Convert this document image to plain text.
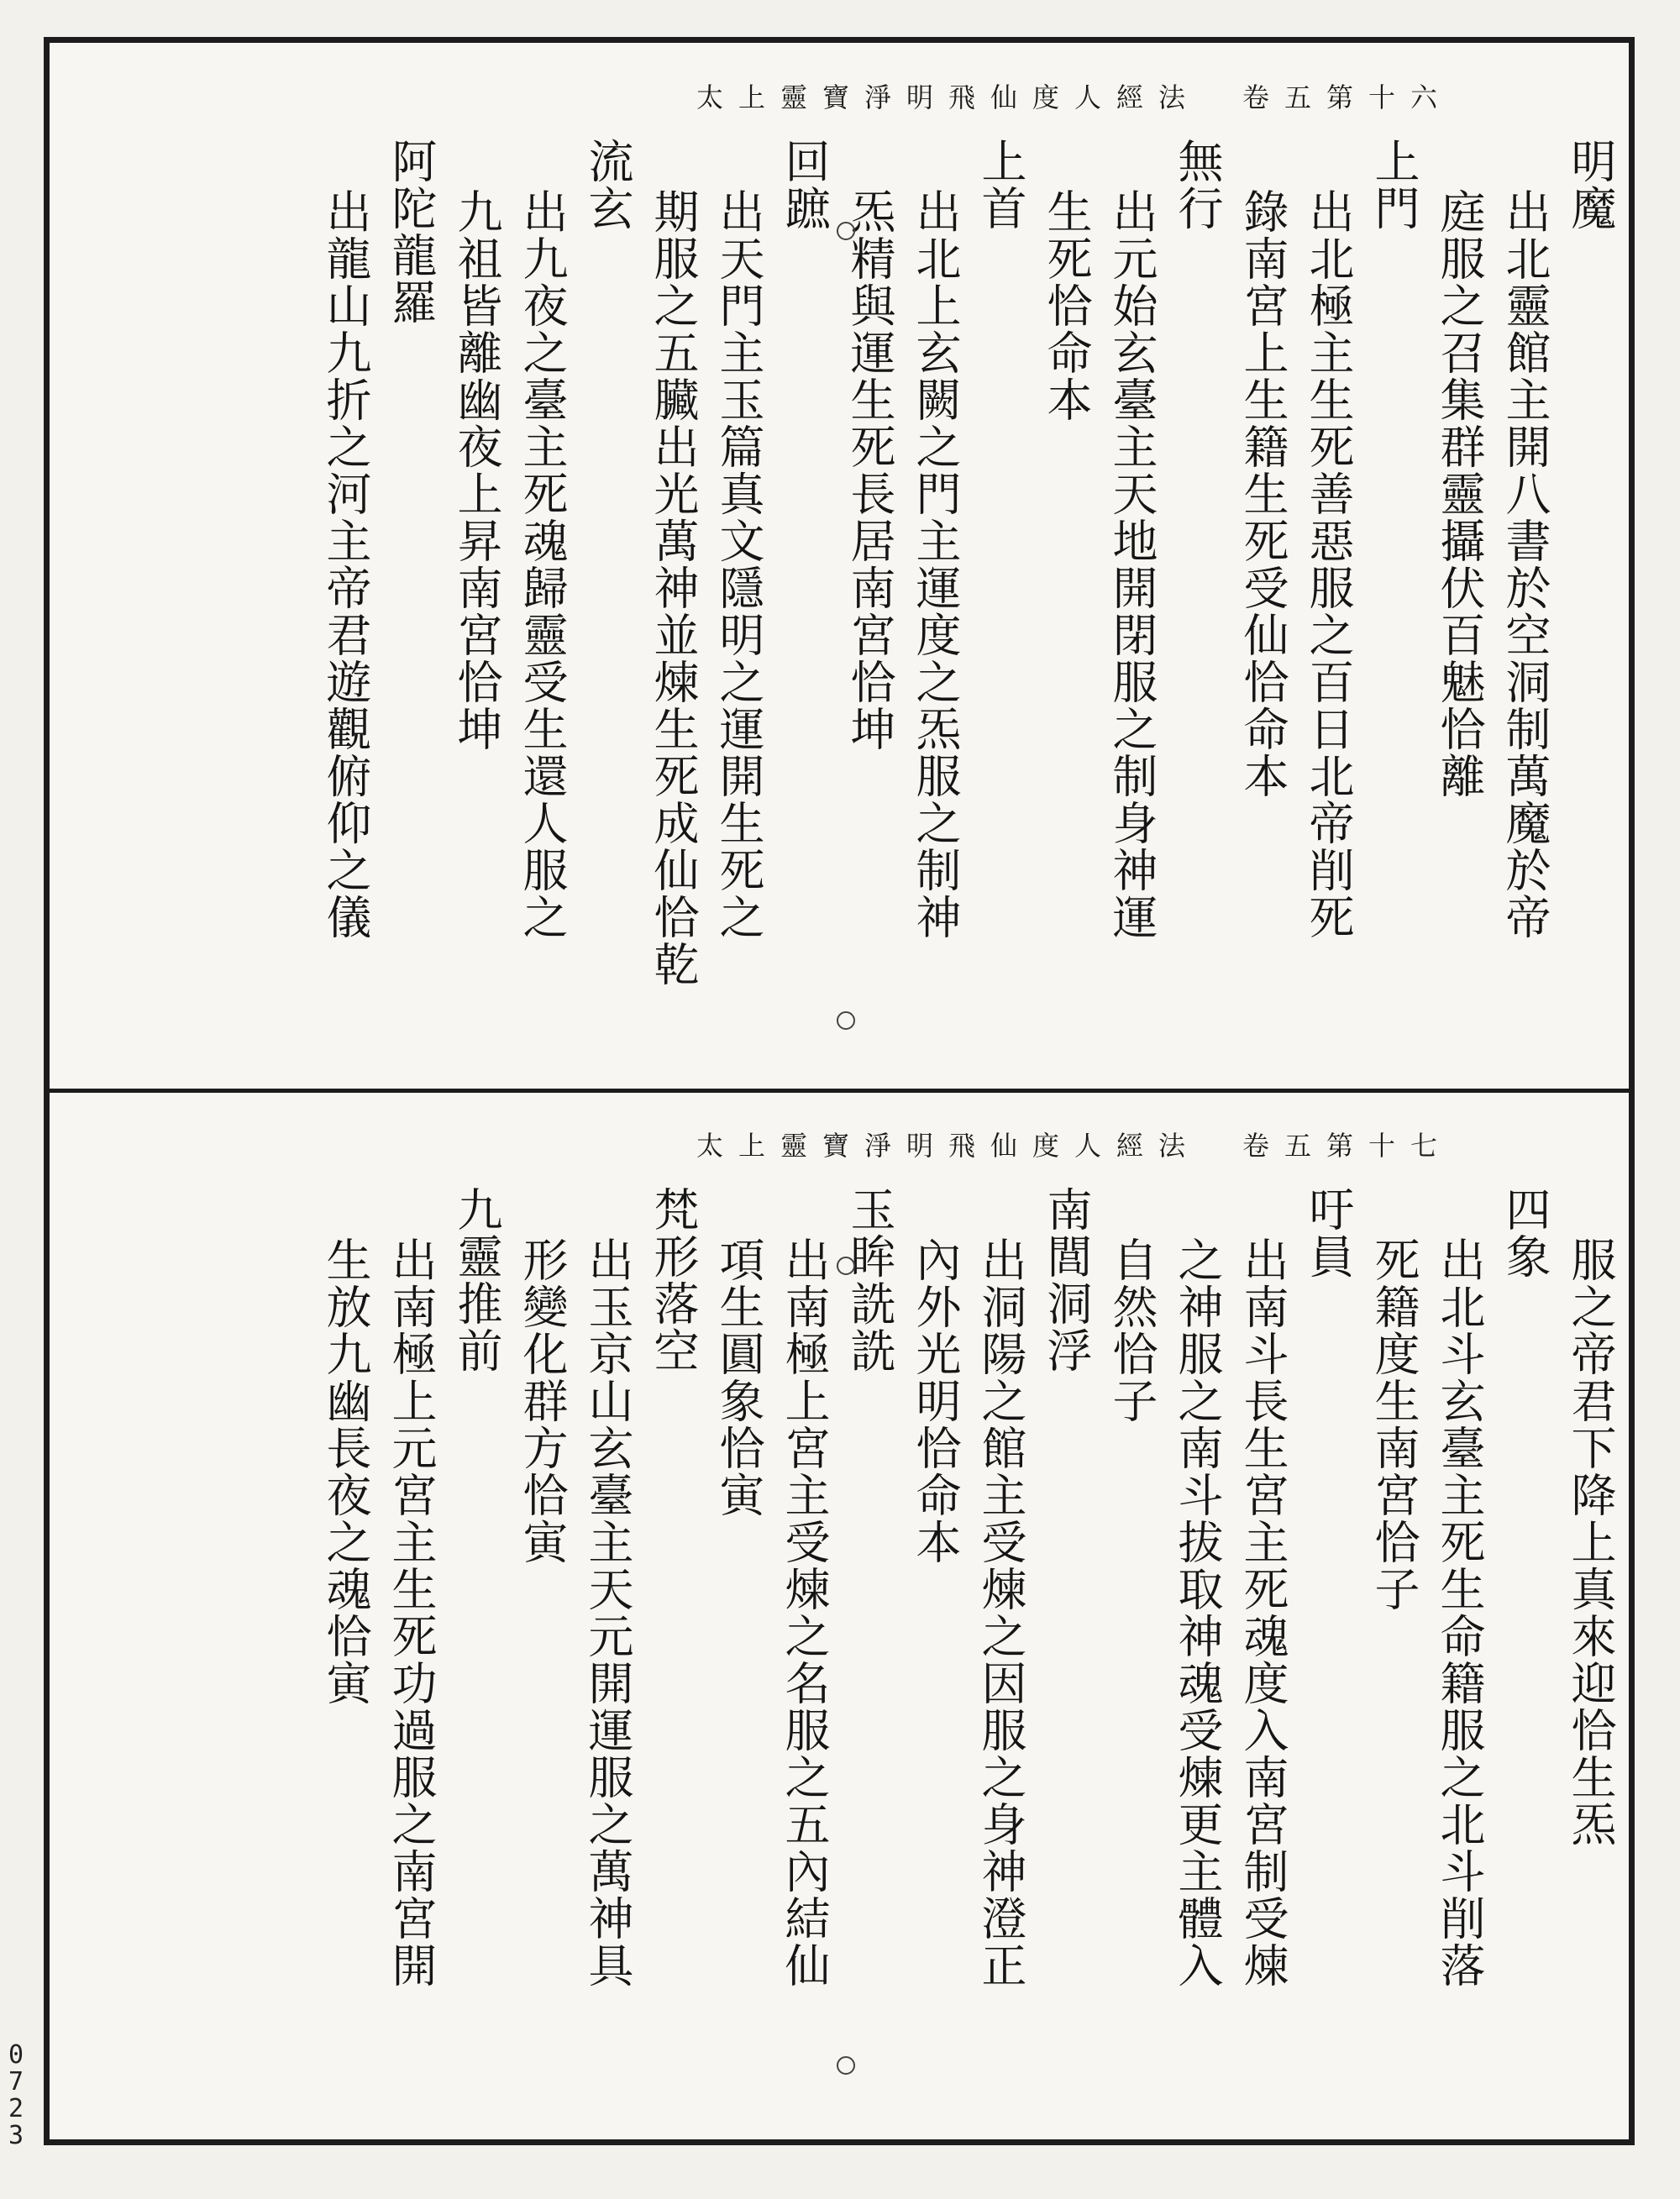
太上靈寶淨明飛仙度人經法　卷五第十六
明魔
出北靈館主開八書於空洞制萬魔於帝
庭服之召集群靈攝伏百魅恰離
上門
出北極主生死善惡服之百日北帝削死
錄南宮上生籍生死受仙恰命本
無行
出元始玄臺主天地開閉服之制身神運
生死恰命本
上首
出北上玄闕之門主運度之炁服之制神
炁精與運生死長居南宮恰坤
回蹠
出天門主玉篇真文隱明之運開生死之
期服之五臟出光萬神並煉生死成仙恰乾
流玄
出九夜之臺主死魂歸靈受生還人服之
九祖皆離幽夜上昇南宮恰坤
阿陀龍羅
出龍山九折之河主帝君遊觀俯仰之儀
太上靈寶淨明飛仙度人經法　卷五第十七
服之帝君下降上真來迎恰生炁
四象
出北斗玄臺主死生命籍服之北斗削落
死籍度生南宮恰子
吁員
出南斗長生宮主死魂度入南宮制受煉
之神服之南斗拔取神魂受煉更主體入
自然恰子
南閭洞浮
出洞陽之館主受煉之因服之身神澄正
內外光明恰命本
玉眸詵詵
出南極上宮主受煉之名服之五內結仙
項生圓象恰寅
梵形落空
出玉京山玄臺主天元開運服之萬神具
形變化群方恰寅
九靈推前
出南極上元宮主生死功過服之南宮開
生放九幽長夜之魂恰寅
0
7
2
3
